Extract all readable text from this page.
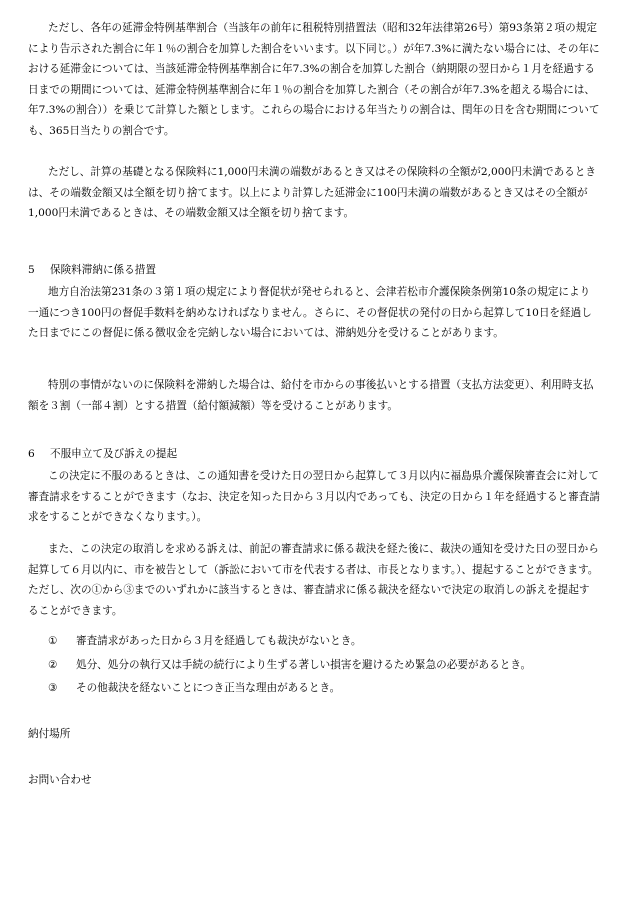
ただし、各年の延滞金特例基準割合（当該年の前年に租税特別措置法（昭和32年法律第26号）第93条第２項の規定により告示された割合に年１％の割合を加算した割合をいいます。以下同じ。）が年7.3%に満たない場合には、その年における延滞金については、当該延滞金特例基準割合に年7.3%の割合を加算した割合（納期限の翌日から１月を経過する日までの期間については、延滞金特例基準割合に年１％の割合を加算した割合（その割合が年7.3%を超える場合には、年7.3%の割合））を乗じて計算した額とします。これらの場合における年当たりの割合は、閏年の日を含む期間についても、365日当たりの割合です。

ただし、計算の基礎となる保険料に1,000円未満の端数があるとき又はその保険料の全額が2,000円未満であるときは、その端数金額又は全額を切り捨てます。以上により計算した延滞金に100円未満の端数があるとき又はその全額が1,000円未満であるときは、その端数金額又は全額を切り捨てます。

5 保険料滞納に係る措置

地方自治法第231条の３第１項の規定により督促状が発せられると、会津若松市介護保険条例第10条の規定により一通につき100円の督促手数料を納めなければなりません。さらに、その督促状の発付の日から起算して10日を経過した日までにこの督促に係る徴収金を完納しない場合においては、滞納処分を受けることがあります。

特別の事情がないのに保険料を滞納した場合は、給付を市からの事後払いとする措置（支払方法変更）、利用時支払額を３割（一部４割）とする措置（給付額減額）等を受けることがあります。

6 不服申立て及び訴えの提起

この決定に不服のあるときは、この通知書を受けた日の翌日から起算して３月以内に福島県介護保険審査会に対して審査請求をすることができます（なお、決定を知った日から３月以内であっても、決定の日から１年を経過すると審査請求をすることができなくなります。）。

また、この決定の取消しを求める訴えは、前記の審査請求に係る裁決を経た後に、裁決の通知を受けた日の翌日から起算して６月以内に、市を被告として（訴訟において市を代表する者は、市長となります。）、提起することができます。ただし、次の①から③までのいずれかに該当するときは、審査請求に係る裁決を経ないで決定の取消しの訴えを提起することができます。

① 審査請求があった日から３月を経過しても裁決がないとき。

② 処分、処分の執行又は手続の続行により生ずる著しい損害を避けるため緊急の必要があるとき。

③ その他裁決を経ないことにつき正当な理由があるとき。

納付場所

お問い合わせ
